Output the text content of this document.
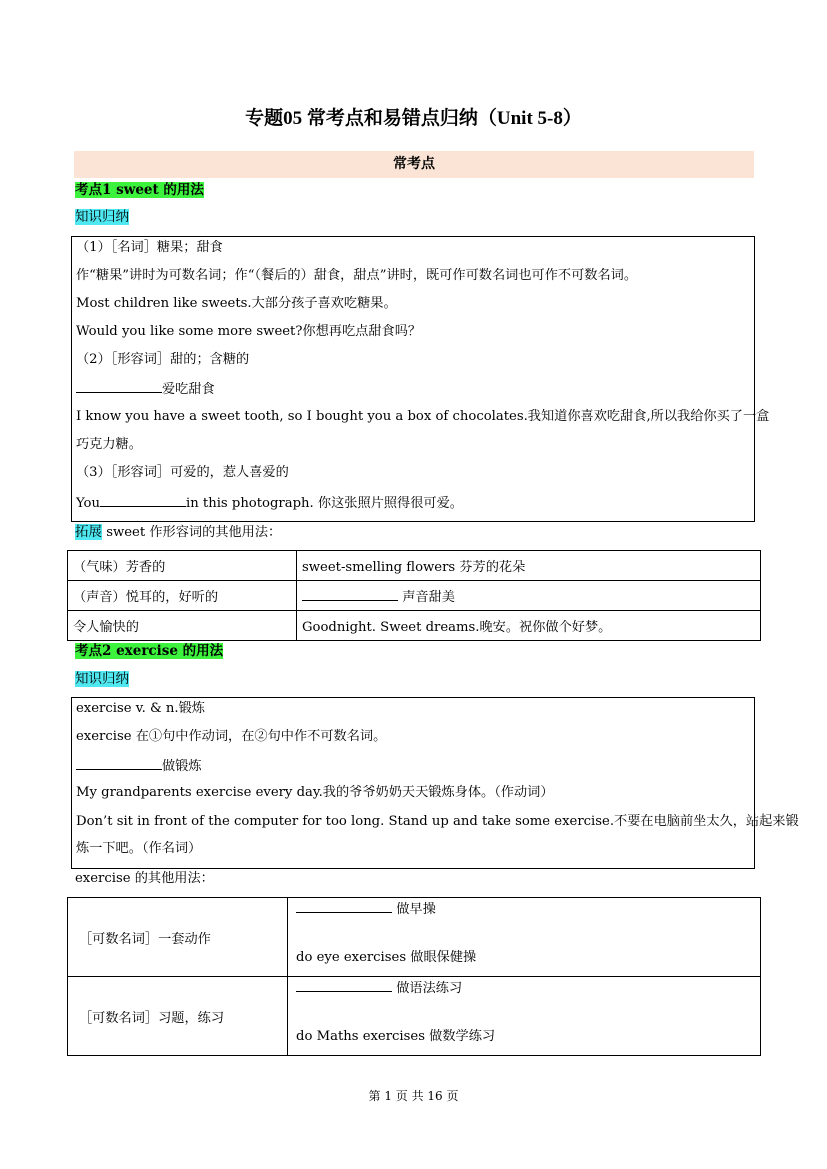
专题05 常考点和易错点归纳（Unit 5-8）
常考点
考点1 sweet 的用法
知识归纳
（1）［名词］糖果；甜食
作“糖果”讲时为可数名词；作“（餐后的）甜食，甜点”讲时，既可作可数名词也可作不可数名词。
Most children like sweets.大部分孩子喜欢吃糖果。
Would you like some more sweet?你想再吃点甜食吗？
（2）［形容词］甜的；含糖的
爱吃甜食
I know you have a sweet tooth, so I bought you a box of chocolates.我知道你喜欢吃甜食,所以我给你买了一盒
巧克力糖。
（3）［形容词］可爱的，惹人喜爱的
You	in this photograph. 你这张照片照得很可爱。
拓展 sweet 作形容词的其他用法：
（气味）芳香的	sweet-smelling flowers 芬芳的花朵
（声音）悦耳的，好听的	声音甜美
令人愉快的	Goodnight. Sweet dreams.晚安。祝你做个好梦。
考点2 exercise 的用法
知识归纳
exercise v. & n.锻炼
exercise 在①句中作动词，在②句中作不可数名词。
做锻炼
My grandparents exercise every day.我的爷爷奶奶天天锻炼身体。（作动词）
Don’t sit in front of the computer for too long. Stand up and take some exercise.不要在电脑前坐太久，站起来锻
炼一下吧。（作名词）
exercise 的其他用法：
［可数名词］一套动作	做早操
do eye exercises 做眼保健操

［可数名词］习题，练习	做语法练习
do Maths exercises 做数学练习
第 1 页 共 16 页
